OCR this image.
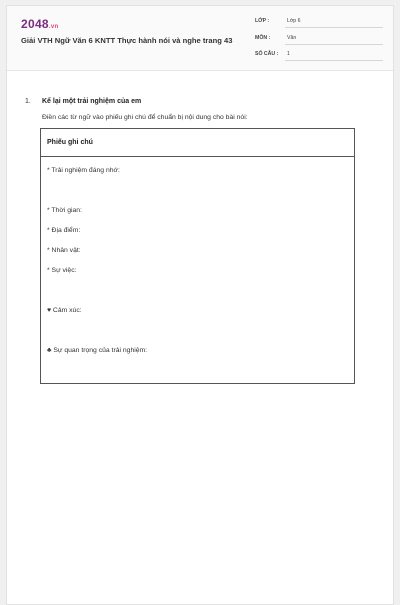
2048.vn
Giải VTH Ngữ Văn 6 KNTT Thực hành nói và nghe trang 43
LỚP :	Lớp 6
MÔN :	Văn
SỐ CÂU :	1
1. Kể lại một trải nghiệm của em
Điền các từ ngữ vào phiếu ghi chú để chuẩn bị nội dung cho bài nói:
Phiếu ghi chú
* Trải nghiệm đáng nhớ:
* Thời gian:
* Địa điểm:
* Nhân vật:
* Sự việc:
♥ Cảm xúc:
♣ Sự quan trọng của trải nghiệm:
